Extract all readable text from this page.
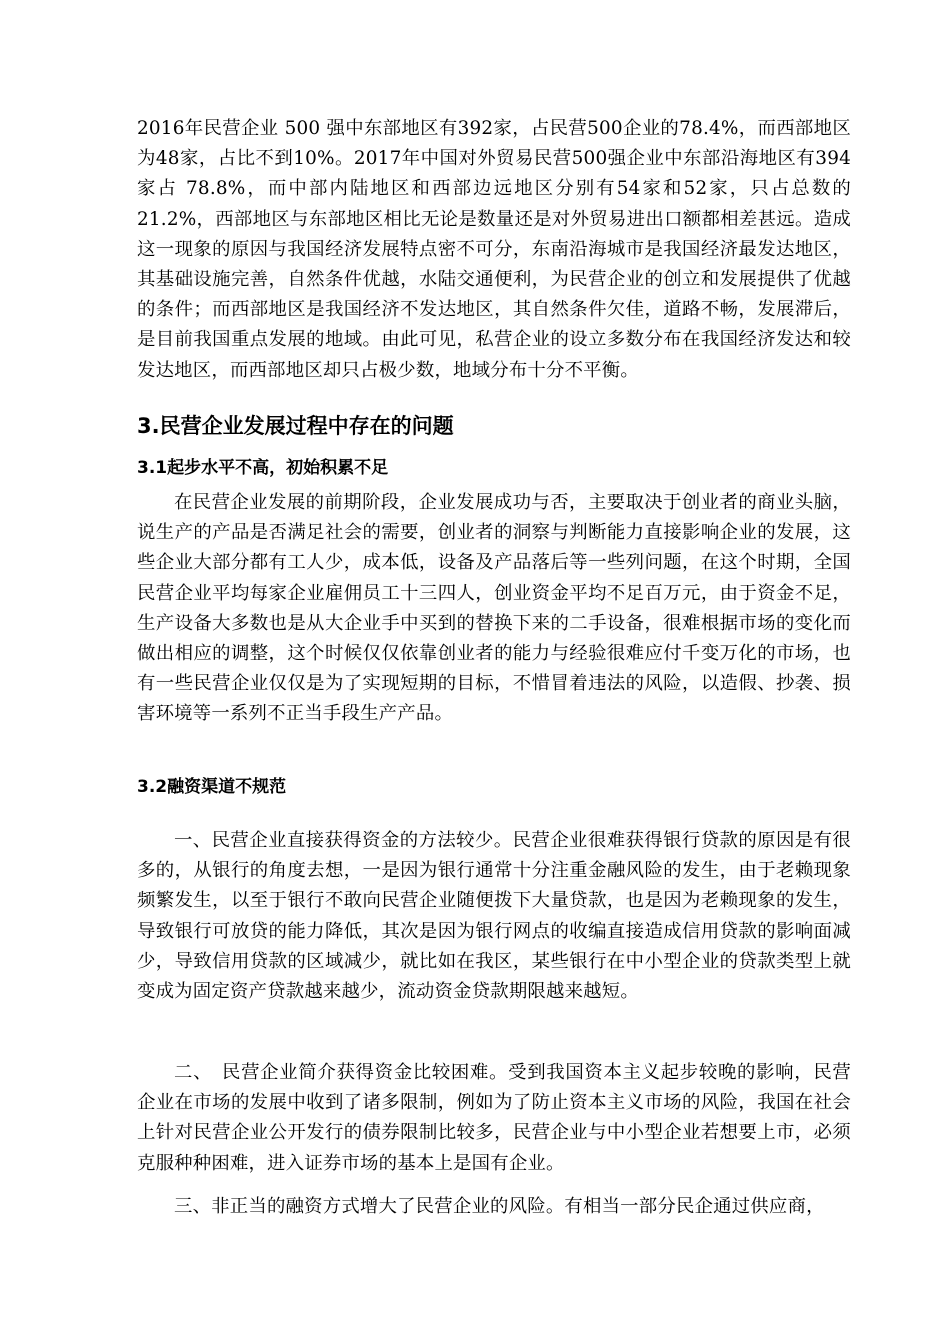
2016年民营企业 500 强中东部地区有392家，占民营500企业的78.4%，而西部地区为48家，占比不到10%。2017年中国对外贸易民营500强企业中东部沿海地区有394家占 78.8%，而中部内陆地区和西部边远地区分别有54家和52家，只占总数的21.2%，西部地区与东部地区相比无论是数量还是对外贸易进出口额都相差甚远。造成这一现象的原因与我国经济发展特点密不可分，东南沿海城市是我国经济最发达地区，其基础设施完善，自然条件优越，水陆交通便利，为民营企业的创立和发展提供了优越的条件；而西部地区是我国经济不发达地区，其自然条件欠佳，道路不畅，发展滞后，是目前我国重点发展的地域。由此可见，私营企业的设立多数分布在我国经济发达和较发达地区，而西部地区却只占极少数，地域分布十分不平衡。

3.民营企业发展过程中存在的问题
3.1起步水平不高，初始积累不足

在民营企业发展的前期阶段，企业发展成功与否，主要取决于创业者的商业头脑，说生产的产品是否满足社会的需要，创业者的洞察与判断能力直接影响企业的发展，这些企业大部分都有工人少，成本低，设备及产品落后等一些列问题，在这个时期，全国民营企业平均每家企业雇佣员工十三四人，创业资金平均不足百万元，由于资金不足，生产设备大多数也是从大企业手中买到的替换下来的二手设备，很难根据市场的变化而做出相应的调整，这个时候仅仅依靠创业者的能力与经验很难应付千变万化的市场，也有一些民营企业仅仅是为了实现短期的目标，不惜冒着违法的风险，以造假、抄袭、损害环境等一系列不正当手段生产产品。

3.2融资渠道不规范

一、民营企业直接获得资金的方法较少。民营企业很难获得银行贷款的原因是有很多的，从银行的角度去想，一是因为银行通常十分注重金融风险的发生，由于老赖现象频繁发生，以至于银行不敢向民营企业随便拨下大量贷款，也是因为老赖现象的发生，导致银行可放贷的能力降低，其次是因为银行网点的收编直接造成信用贷款的影响面减少，导致信用贷款的区域减少，就比如在我区，某些银行在中小型企业的贷款类型上就变成为固定资产贷款越来越少，流动资金贷款期限越来越短。

二、　民营企业简介获得资金比较困难。受到我国资本主义起步较晚的影响，民营企业在市场的发展中收到了诸多限制，例如为了防止资本主义市场的风险，我国在社会上针对民营企业公开发行的债券限制比较多，民营企业与中小型企业若想要上市，必须克服种种困难，进入证券市场的基本上是国有企业。

三、非正当的融资方式增大了民营企业的风险。有相当一部分民企通过供应商，
